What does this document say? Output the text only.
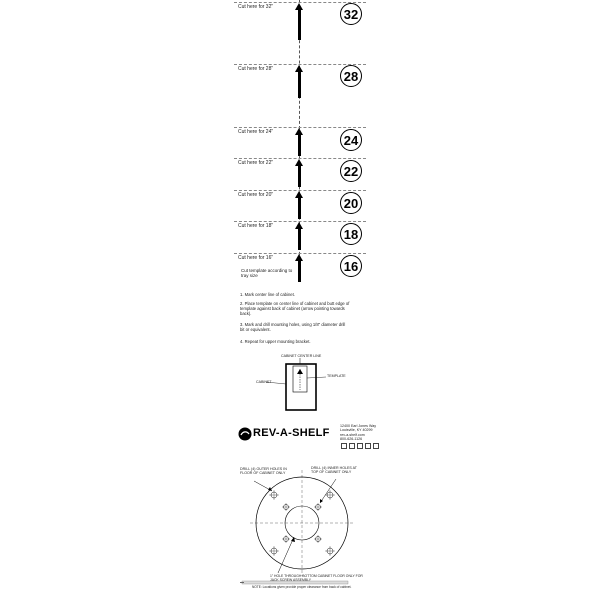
Cut here for 32"	32
Cut here for 28"	28
Cut here for 24"
24
Cut here for 22"
22
Cut here for 20"
20
Cut here for 18"
18
Cut here for 16"
16
Cut template according to tray size
1. Mark center line of cabinet.
2. Place template on center line of cabinet and butt edge of template against back of cabinet (arrow pointing towards back).
3. Mark and drill mounting holes, using 1/8" diameter drill bit or equivalent.
4. Repeat for upper mounting bracket.
CABINET CENTER LINE
TEMPLATE
CABINET
REV-A-SHELF
12400 Earl Jones Way
Louisville, KY 40299
rev-a-shelf.com
800-626-1126
DRILL (4) OUTER HOLES IN FLOOR OF CABINET ONLY
DRILL (4) INNER HOLES AT TOP OF CABINET ONLY
1" HOLE THROUGH BOTTOM CABINET FLOOR ONLY FOR JACK SCREW ASSEMBLY
NOTE: Locations given provide proper clearance from back of cabinet.
